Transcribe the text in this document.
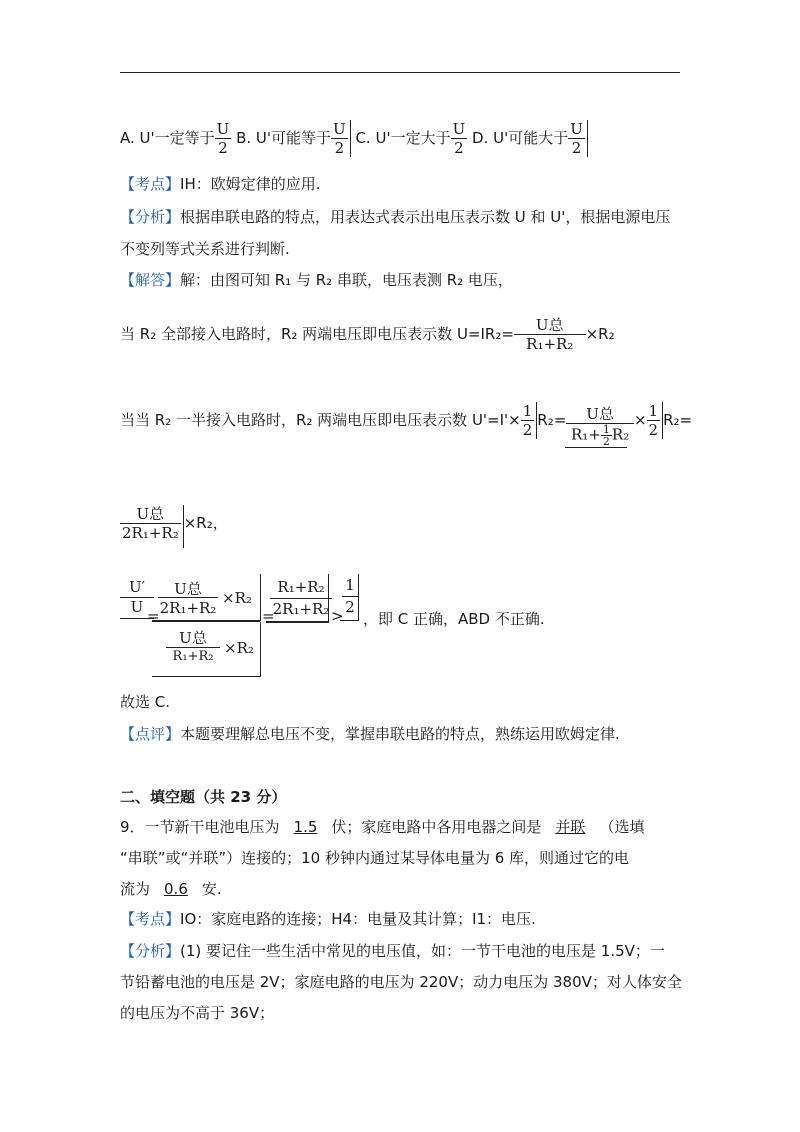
A. U'一定等于 $\frac{U}{2} B$. U'可能等于 $\frac{U}{2} C$. U'一定大于 $\frac{U}{2} D$. U'可能大于 $\frac{U}{2}$
【考点】IH：欧姆定律的应用.
【分析】根据串联电路的特点，用表达式表示出电压表示数 U 和 U'，根据电源电压
不变列等式关系进行判断.
【解答】解：由图可知 R₁ 与 R₂ 串联，电压表测 R₂ 电压，
当 R₂ 全部接入电路时，R₂ 两端电压即电压表示数 $U=IR_2= \frac{\text{U总}}{\text{R₁+R₂}} \times R_2$
当当 R₂ 一半接入电路时，R₂ 两端电压即电压表示数 $U'=I'\times \frac{1}{2} R_2= \frac{\text{U总}}{R_1+ \frac{1}{2} R_2} \times \frac{1}{2} R_2=$
$\frac{\text{U总}}{\text{2R₁+R₂}} \times R_2$，
U′
U =
U总
2R₁+R₂
×R₂
U总
R₁+R₂ ×R₂
=
R₁+R₂
2R₁+R₂ >
1
2
，即 C 正确，ABD 不正确.
故选 C.
【点评】本题要理解总电压不变，掌握串联电路的特点，熟练运用欧姆定律.
二、填空题（共 23 分）
9．一节新干电池电压为 1.5 伏；家庭电路中各用电器之间是 并联 （选填
“串联”或“并联”）连接的；10 秒钟内通过某导体电量为 6 库，则通过它的电
流为 0.6 安.
【考点】IO：家庭电路的连接；H4：电量及其计算；I1：电压.
【分析】(1) 要记住一些生活中常见的电压值，如：一节干电池的电压是 1.5V；一
节铅蓄电池的电压是 2V；家庭电路的电压为 220V；动力电压为 380V；对人体安全
的电压为不高于 36V；
